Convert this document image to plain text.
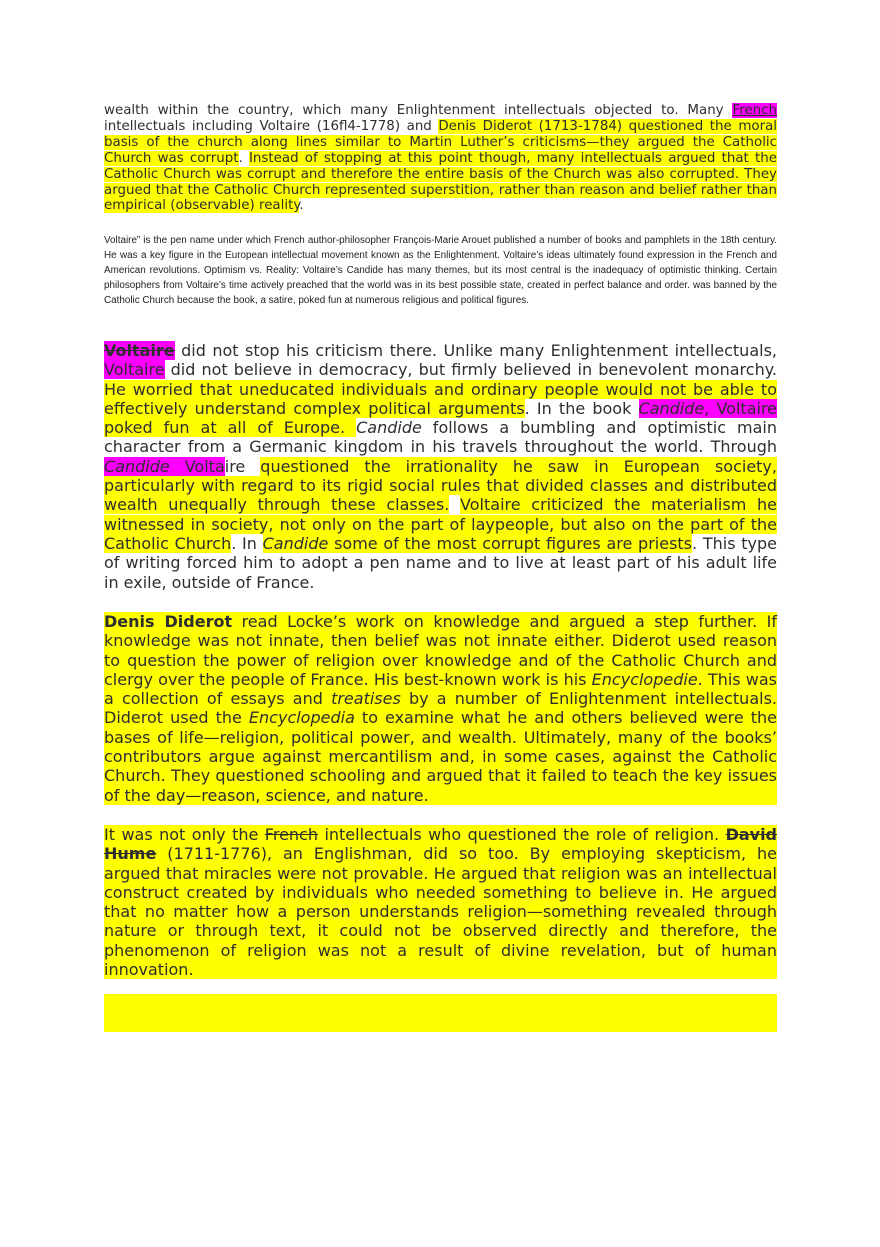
wealth within the country, which many Enlightenment intellectuals objected to. Many French intellectuals including Voltaire (16fl4-1778) and Denis Diderot (1713-1784) questioned the moral basis of the church along lines similar to Martin Luther’s criticisms—they argued the Catholic Church was corrupt. Instead of stopping at this point though, many intellectuals argued that the Catholic Church was corrupt and therefore the entire basis of the Church was also corrupted. They argued that the Catholic Church represented superstition, rather than reason and belief rather than empirical (observable) reality.

Voltaire” is the pen name under which French author-philosopher François-Marie Arouet published a number of books and pamphlets in the 18th century. He was a key figure in the European intellectual movement known as the Enlightenment. Voltaire’s ideas ultimately found expression in the French and American revolutions. Optimism vs. Reality: Voltaire’s Candide has many themes, but its most central is the inadequacy of optimistic thinking. Certain philosophers from Voltaire’s time actively preached that the world was in its best possible state, created in perfect balance and order. was banned by the Catholic Church because the book, a satire, poked fun at numerous religious and political figures.

Voltaire did not stop his criticism there. Unlike many Enlightenment intellectuals, Voltaire did not believe in democracy, but firmly believed in benevolent monarchy. He worried that uneducated individuals and ordinary people would not be able to effectively understand complex political arguments. In the book Candide, Voltaire poked fun at all of Europe. Candide follows a bumbling and optimistic main character from a Germanic kingdom in his travels throughout the world. Through Candide Voltaire questioned the irrationality he saw in European society, particularly with regard to its rigid social rules that divided classes and distributed wealth unequally through these classes. Voltaire criticized the materialism he witnessed in society, not only on the part of laypeople, but also on the part of the Catholic Church. In Candide some of the most corrupt figures are priests. This type of writing forced him to adopt a pen name and to live at least part of his adult life in exile, outside of France.

Denis Diderot read Locke’s work on knowledge and argued a step further. If knowledge was not innate, then belief was not innate either. Diderot used reason to question the power of religion over knowledge and of the Catholic Church and clergy over the people of France. His best-known work is his Encyclopedie. This was a collection of essays and treatises by a number of Enlightenment intellectuals. Diderot used the Encyclopedia to examine what he and others believed were the bases of life—religion, political power, and wealth. Ultimately, many of the books’ contributors argue against mercantilism and, in some cases, against the Catholic Church. They questioned schooling and argued that it failed to teach the key issues of the day—reason, science, and nature.

It was not only the French intellectuals who questioned the role of religion. David Hume (1711-1776), an Englishman, did so too. By employing skepticism, he argued that miracles were not provable. He argued that religion was an intellectual construct created by individuals who needed something to believe in. He argued that no matter how a person understands religion—something revealed through nature or through text, it could not be observed directly and therefore, the phenomenon of religion was not a result of divine revelation, but of human innovation.
